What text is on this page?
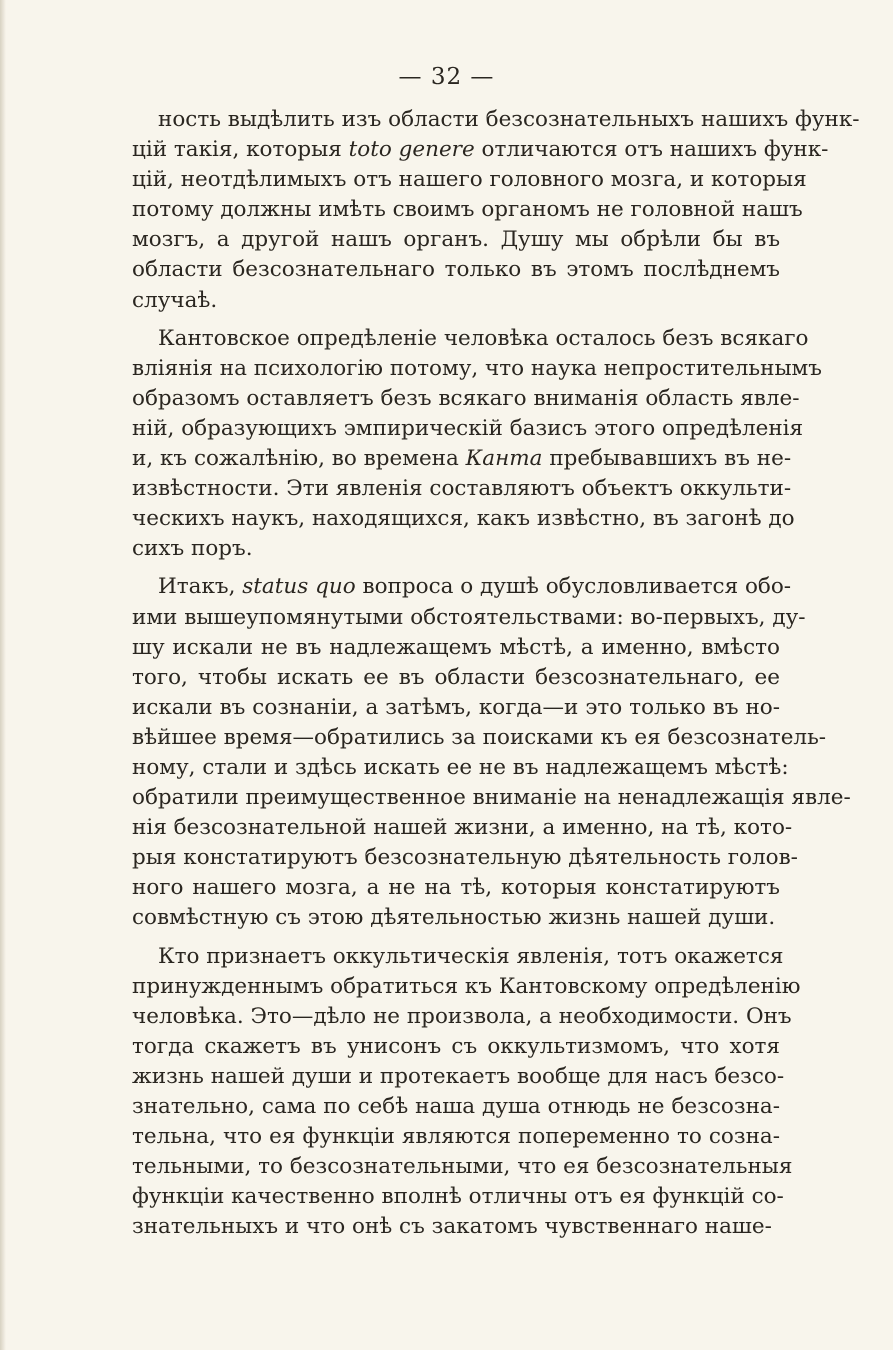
— 32 —
ность выдѣлить изъ области безсознательныхъ нашихъ функ-
цій такія, которыя toto genere отличаются отъ нашихъ функ-
цій, неотдѣлимыхъ отъ нашего головного мозга, и которыя
потому должны имѣть своимъ органомъ не головной нашъ
мозгъ, а другой нашъ органъ. Душу мы обрѣли бы въ
области безсознательнаго только въ этомъ послѣднемъ
случаѣ.
Кантовское опредѣленіе человѣка осталось безъ всякаго
вліянія на психологію потому, что наука непростительнымъ
образомъ оставляетъ безъ всякаго вниманія область явле-
ній, образующихъ эмпирическій базисъ этого опредѣленія
и, къ сожалѣнію, во времена Канта пребывавшихъ въ не-
извѣстности. Эти явленія составляютъ объектъ оккульти-
ческихъ наукъ, находящихся, какъ извѣстно, въ загонѣ до
сихъ поръ.
Итакъ, status quo вопроса о душѣ обусловливается обо-
ими вышеупомянутыми обстоятельствами: во-первыхъ, ду-
шу искали не въ надлежащемъ мѣстѣ, а именно, вмѣсто
того, чтобы искать ее въ области безсознательнаго, ее
искали въ сознаніи, а затѣмъ, когда—и это только въ но-
вѣйшее время—обратились за поисками къ ея безсознатель-
ному, стали и здѣсь искать ее не въ надлежащемъ мѣстѣ:
обратили преимущественное вниманіе на ненадлежащія явле-
нія безсознательной нашей жизни, а именно, на тѣ, кото-
рыя констатируютъ безсознательную дѣятельность голов-
ного нашего мозга, а не на тѣ, которыя констатируютъ
совмѣстную съ этою дѣятельностью жизнь нашей души.
Кто признаетъ оккультическія явленія, тотъ окажется
принужденнымъ обратиться къ Кантовскому опредѣленію
человѣка. Это—дѣло не произвола, а необходимости. Онъ
тогда скажетъ въ унисонъ съ оккультизмомъ, что хотя
жизнь нашей души и протекаетъ вообще для насъ безсо-
знательно, сама по себѣ наша душа отнюдь не безсозна-
тельна, что ея функціи являются попеременно то созна-
тельными, то безсознательными, что ея безсознательныя
функціи качественно вполнѣ отличны отъ ея функцій со-
знательныхъ и что онѣ съ закатомъ чувственнаго наше-
